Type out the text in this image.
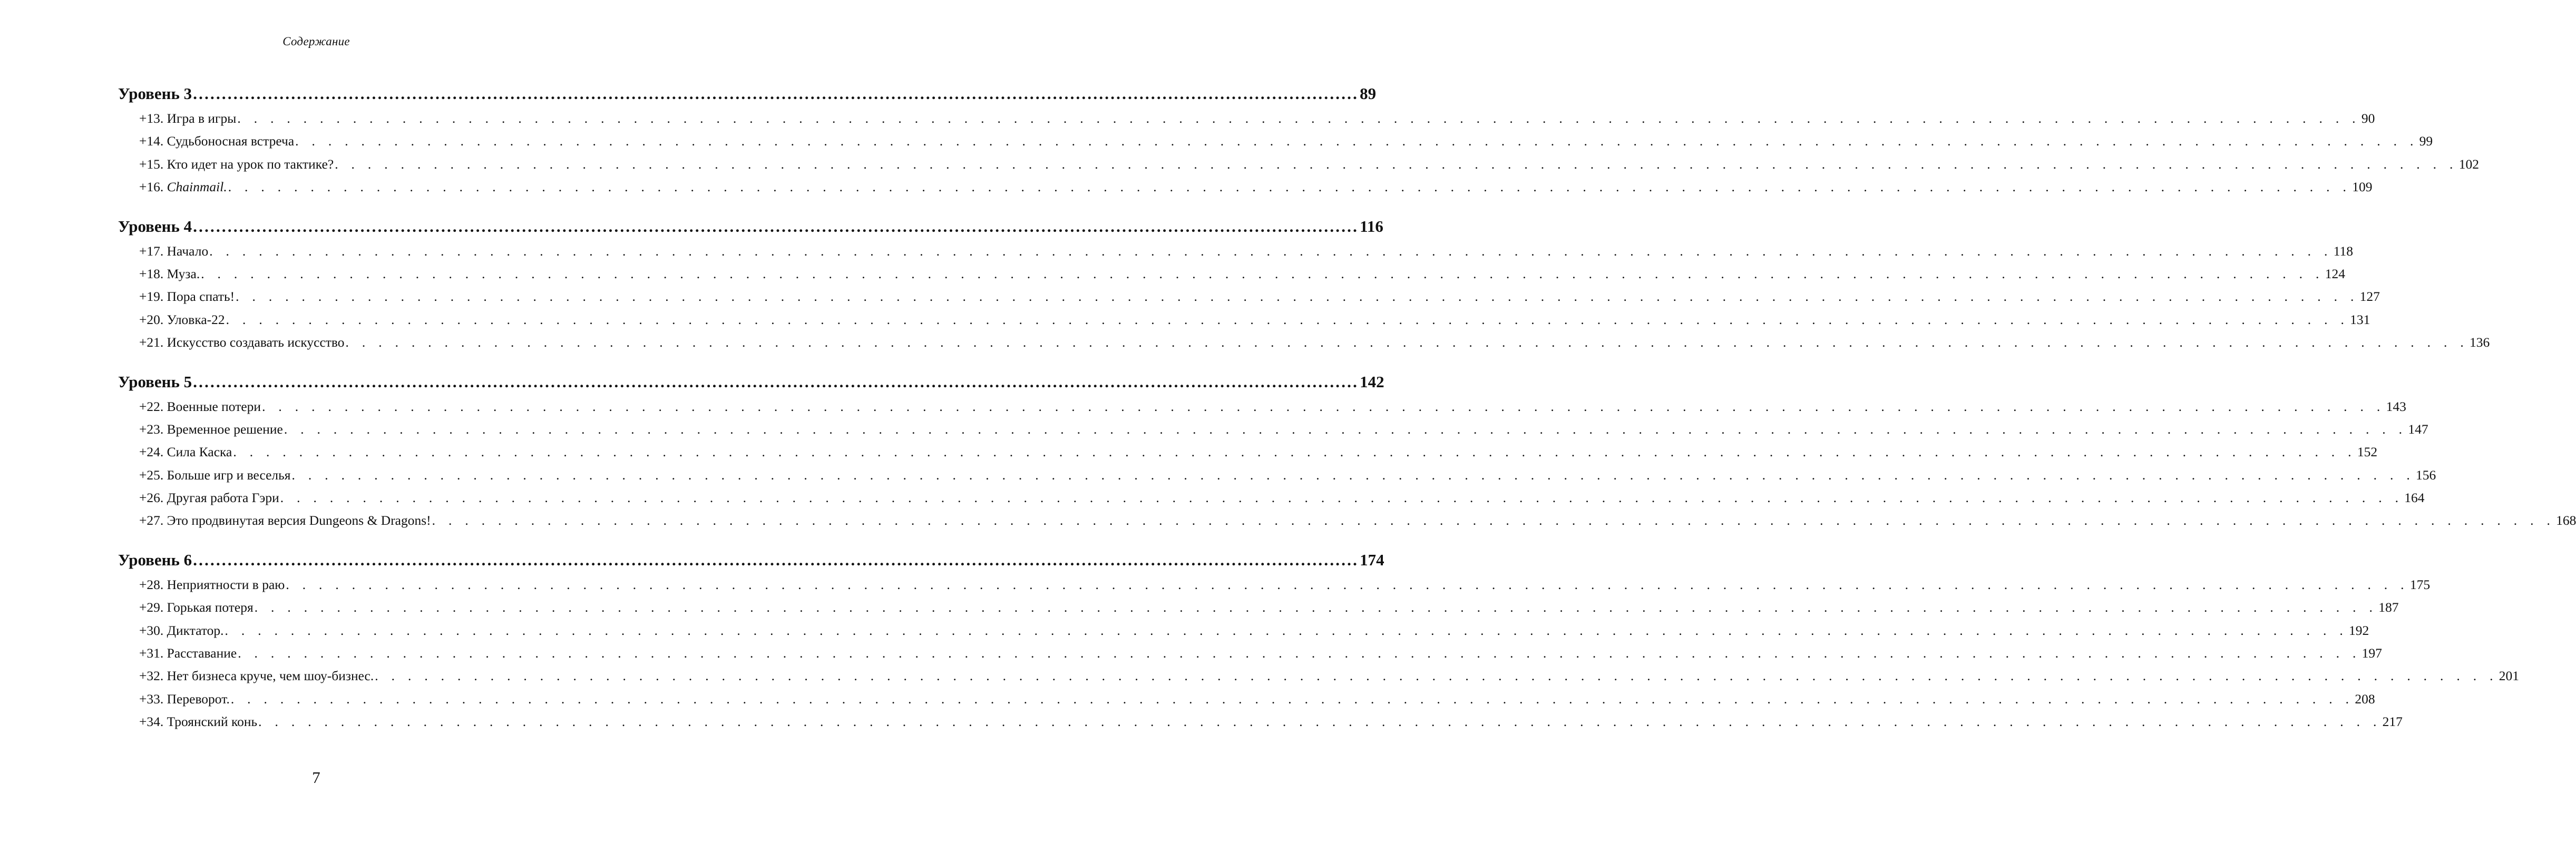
Содержание
Уровень 3 .....	89
+13. Игра в игры . . .	90
+14. Судьбоносная встреча . . .	99
+15. Кто идет на урок по тактике? . . .	102
+16. Chainmail. . . .	109
Уровень 4 .....	116
+17. Начало . . .	118
+18. Муза. . . .	124
+19. Пора спать! . . .	127
+20. Уловка-22 . . .	131
+21. Искусство создавать искусство . . .	136
Уровень 5 .....	142
+22. Военные потери . . .	143
+23. Временное решение . . .	147
+24. Сила Каска . . .	152
+25. Больше игр и веселья . . .	156
+26. Другая работа Гэри . . .	164
+27. Это продвинутая версия Dungeons & Dragons! . . .	168
Уровень 6 .....	174
+28. Неприятности в раю . . .	175
+29. Горькая потеря . . .	187
+30. Диктатор. . . .	192
+31. Расставание . . .	197
+32. Нет бизнеса круче, чем шоу-бизнес. . . .	201
+33. Переворот. . . .	208
+34. Троянский конь . . .	217
7
